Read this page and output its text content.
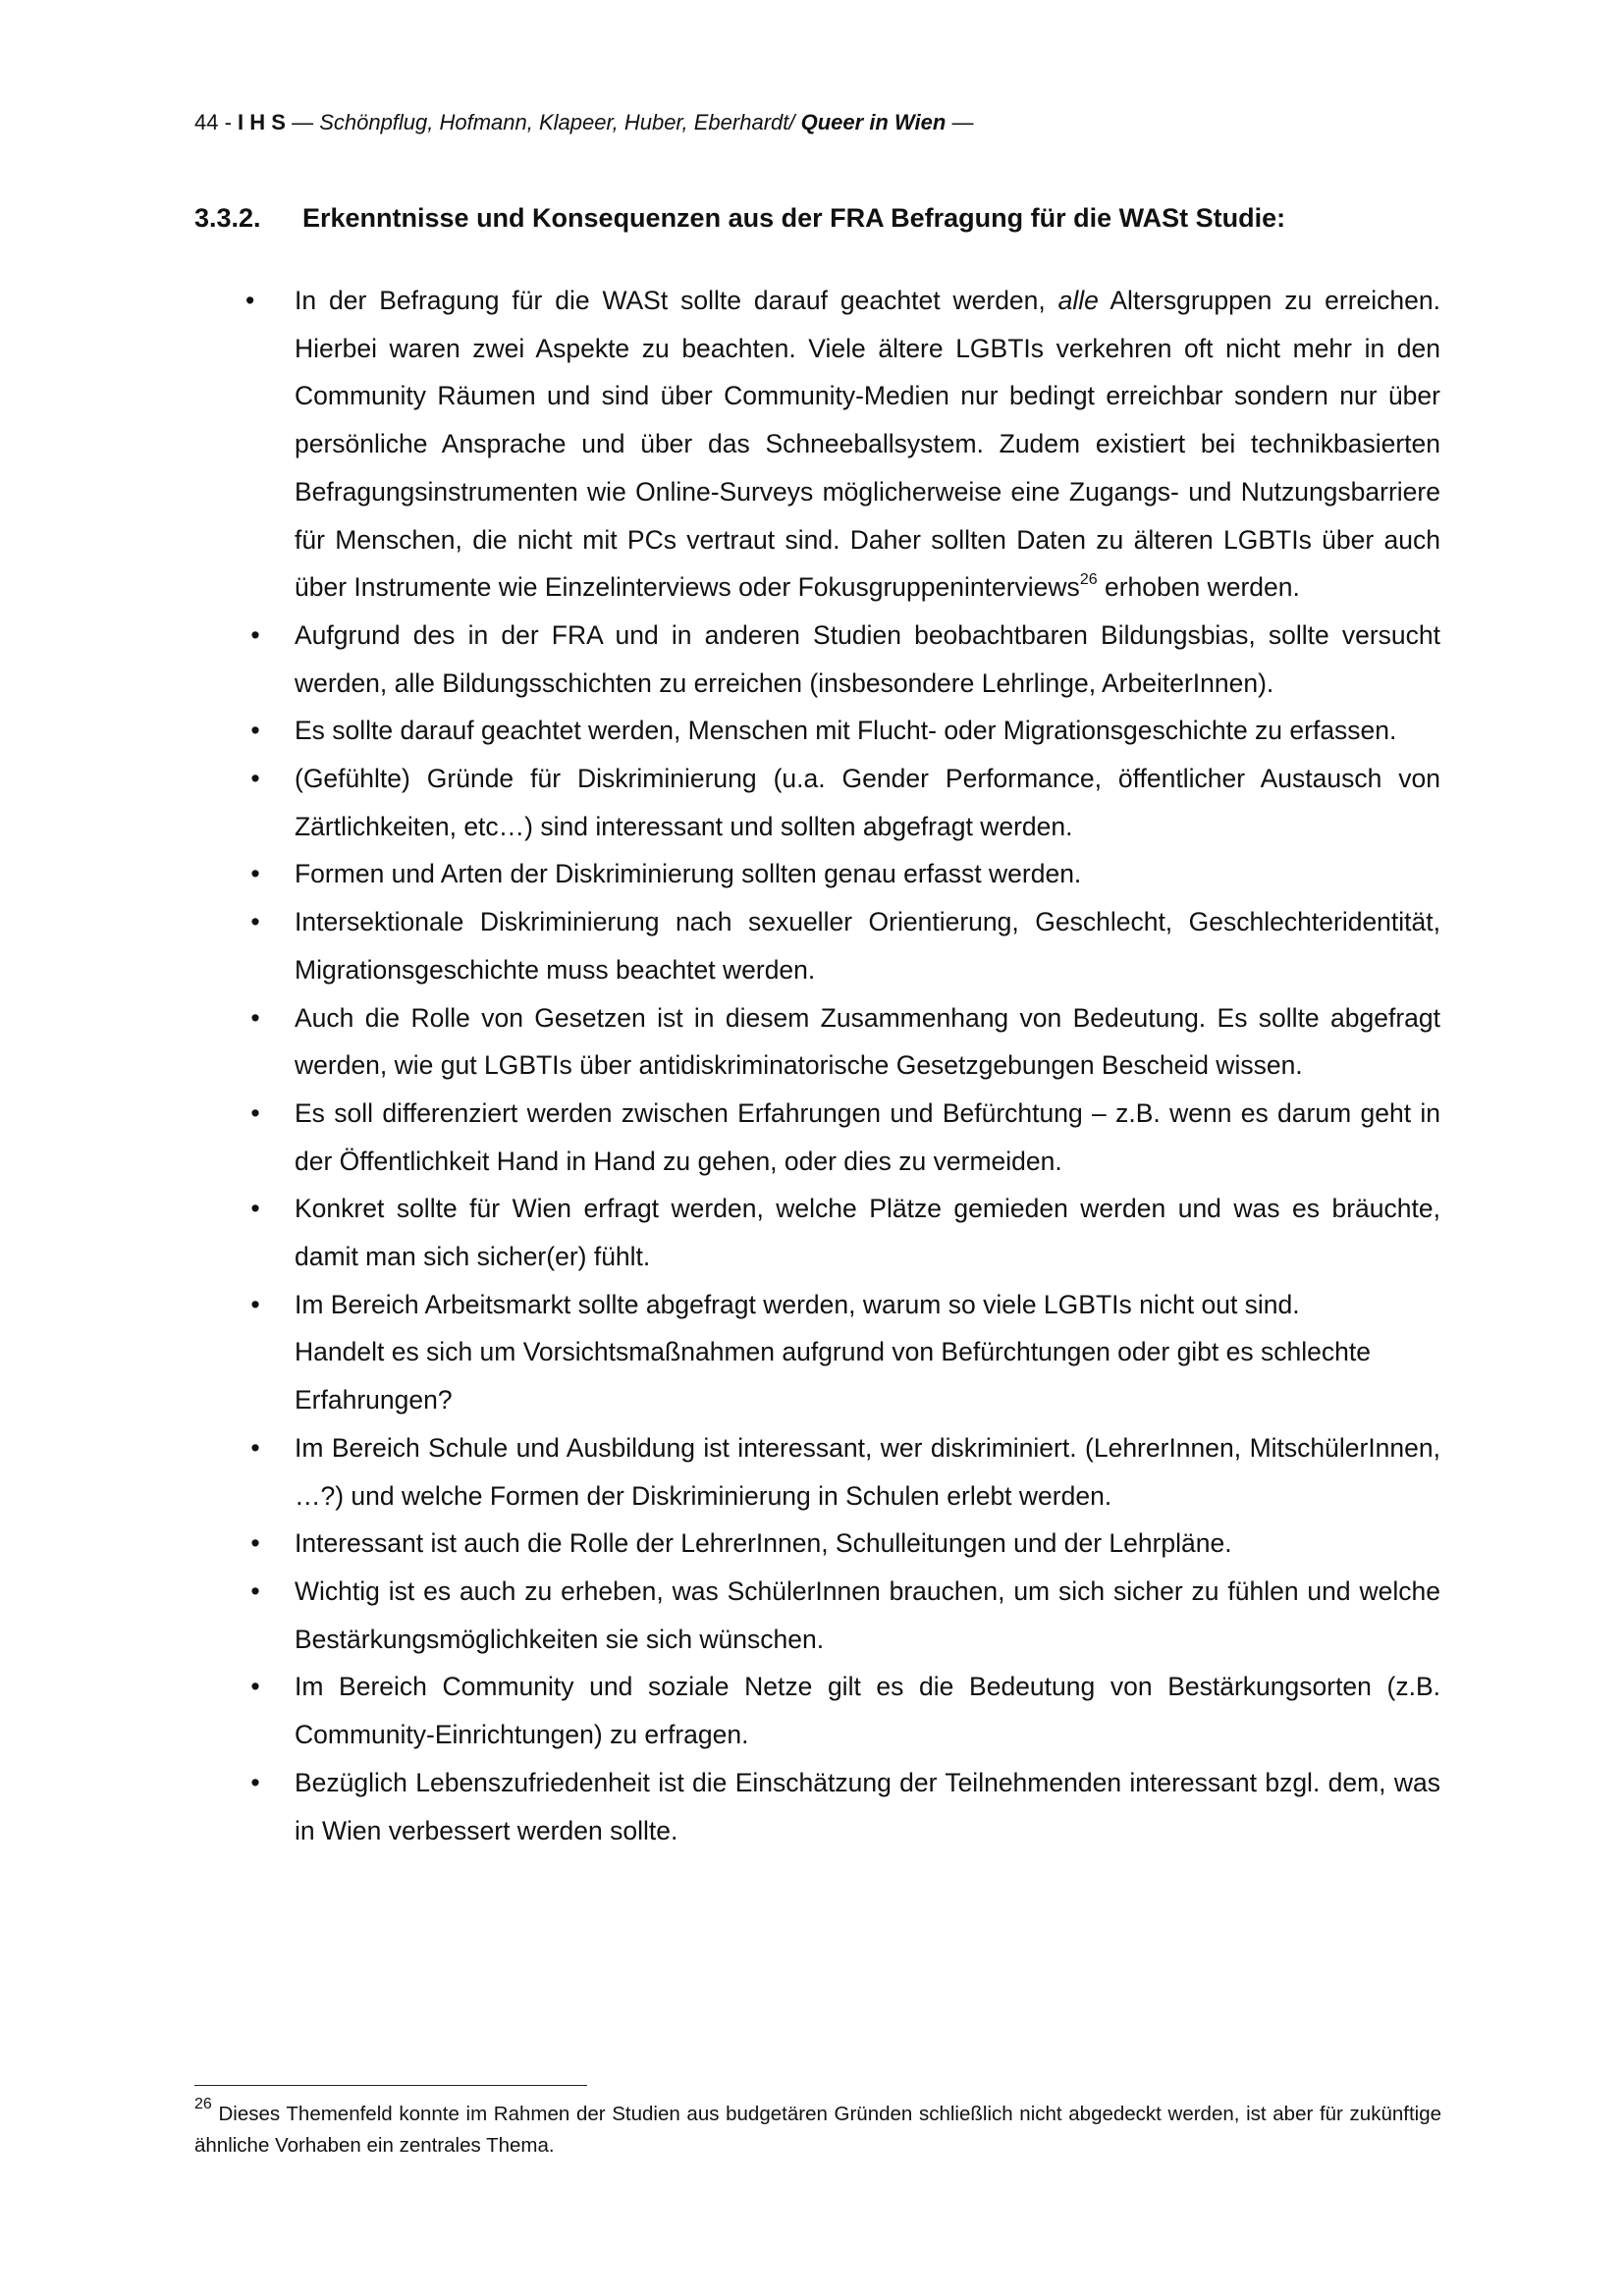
44 - I H S — Schönpflug, Hofmann, Klapeer, Huber, Eberhardt/ Queer in Wien —
3.3.2. Erkenntnisse und Konsequenzen aus der FRA Befragung für die WASt Studie:
•	In der Befragung für die WASt sollte darauf geachtet werden, alle Altersgruppen zu erreichen. Hierbei waren zwei Aspekte zu beachten. Viele ältere LGBTIs verkehren oft nicht mehr in den Community Räumen und sind über Community-Medien nur bedingt erreichbar sondern nur über persönliche Ansprache und über das Schneeballsystem. Zudem existiert bei technikbasierten Befragungsinstrumenten wie Online-Surveys möglicherweise eine Zugangs- und Nutzungsbarriere für Menschen, die nicht mit PCs vertraut sind. Daher sollten Daten zu älteren LGBTIs über auch über Instrumente wie Einzelinterviews oder Fokusgruppeninterviews$^{26}$ erhoben werden.
• Aufgrund des in der FRA und in anderen Studien beobachtbaren Bildungsbias, sollte versucht werden, alle Bildungsschichten zu erreichen (insbesondere Lehrlinge, ArbeiterInnen).
• Es sollte darauf geachtet werden, Menschen mit Flucht- oder Migrationsgeschichte zu erfassen.
• (Gefühlte) Gründe für Diskriminierung (u.a. Gender Performance, öffentlicher Austausch von Zärtlichkeiten, etc…) sind interessant und sollten abgefragt werden.
• Formen und Arten der Diskriminierung sollten genau erfasst werden.
• Intersektionale Diskriminierung nach sexueller Orientierung, Geschlecht, Geschlechteridentität, Migrationsgeschichte muss beachtet werden.
• Auch die Rolle von Gesetzen ist in diesem Zusammenhang von Bedeutung. Es sollte abgefragt werden, wie gut LGBTIs über antidiskriminatorische Gesetzgebungen Bescheid wissen.
• Es soll differenziert werden zwischen Erfahrungen und Befürchtung – z.B. wenn es darum geht in der Öffentlichkeit Hand in Hand zu gehen, oder dies zu vermeiden.
• Konkret sollte für Wien erfragt werden, welche Plätze gemieden werden und was es bräuchte, damit man sich sicher(er) fühlt.
• Im Bereich Arbeitsmarkt sollte abgefragt werden, warum so viele LGBTIs nicht out sind.
Handelt es sich um Vorsichtsmaßnahmen aufgrund von Befürchtungen oder gibt es schlechte Erfahrungen?
• Im Bereich Schule und Ausbildung ist interessant, wer diskriminiert. (LehrerInnen, MitschülerInnen, …?) und welche Formen der Diskriminierung in Schulen erlebt werden.
• Interessant ist auch die Rolle der LehrerInnen, Schulleitungen und der Lehrpläne.
• Wichtig ist es auch zu erheben, was SchülerInnen brauchen, um sich sicher zu fühlen und welche Bestärkungsmöglichkeiten sie sich wünschen.
• Im Bereich Community und soziale Netze gilt es die Bedeutung von Bestärkungsorten (z.B. Community-Einrichtungen) zu erfragen.
• Bezüglich Lebenszufriedenheit ist die Einschätzung der Teilnehmenden interessant bzgl. dem, was in Wien verbessert werden sollte.
$^{26}$ Dieses Themenfeld konnte im Rahmen der Studien aus budgetären Gründen schließlich nicht abgedeckt werden, ist aber für zukünftige ähnliche Vorhaben ein zentrales Thema.
